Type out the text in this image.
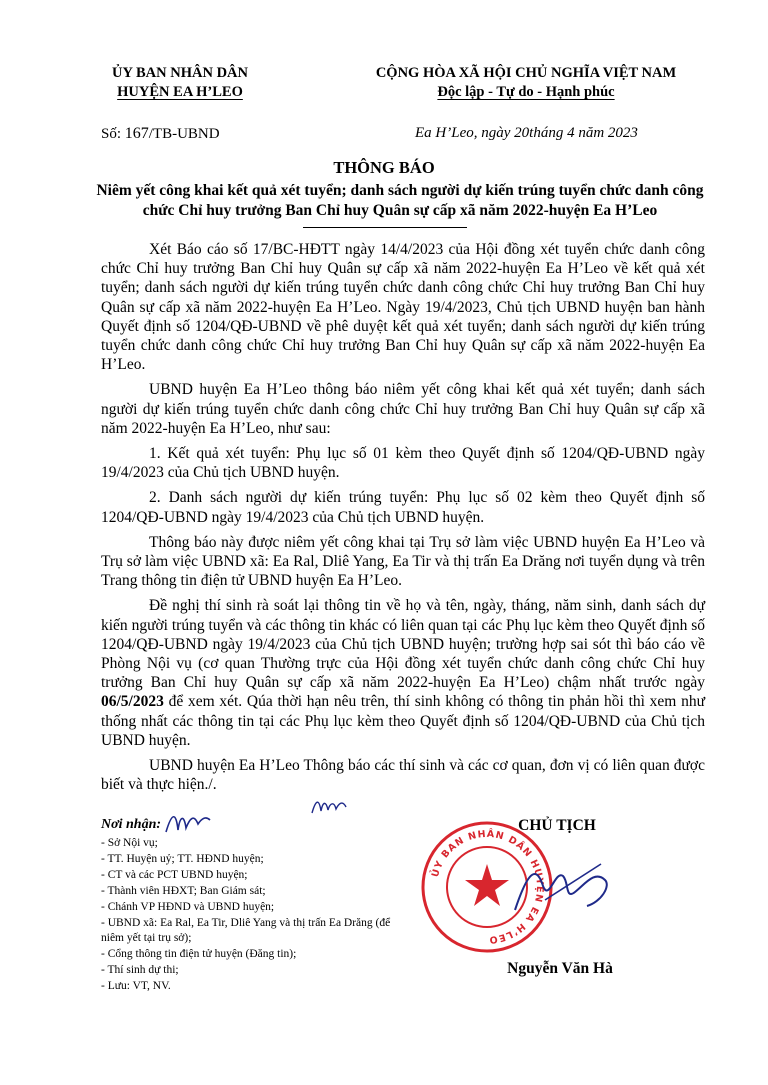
ỦY BAN NHÂN DÂN
HUYỆN EA H’LEO
CỘNG HÒA XÃ HỘI CHỦ NGHĨA VIỆT NAM
Độc lập - Tự do - Hạnh phúc
Số: 167/TB-UBND	Ea H’Leo, ngày 20tháng 4 năm 2023
THÔNG BÁO
Niêm yết công khai kết quả xét tuyển; danh sách người dự kiến trúng tuyển chức danh công chức Chỉ huy trưởng Ban Chỉ huy Quân sự cấp xã năm 2022-huyện Ea H’Leo

Xét Báo cáo số 17/BC-HĐTT ngày 14/4/2023 của Hội đồng xét tuyển chức danh công chức Chỉ huy trưởng Ban Chỉ huy Quân sự cấp xã năm 2022-huyện Ea H’Leo về kết quả xét tuyển; danh sách người dự kiến trúng tuyển chức danh công chức Chỉ huy trưởng Ban Chỉ huy Quân sự cấp xã năm 2022-huyện Ea H’Leo. Ngày 19/4/2023, Chủ tịch UBND huyện ban hành Quyết định số 1204/QĐ-UBND về phê duyệt kết quả xét tuyển; danh sách người dự kiến trúng tuyển chức danh công chức Chỉ huy trưởng Ban Chỉ huy Quân sự cấp xã năm 2022-huyện Ea H’Leo.

UBND huyện Ea H’Leo thông báo niêm yết công khai kết quả xét tuyển; danh sách người dự kiến trúng tuyển chức danh công chức Chỉ huy trưởng Ban Chỉ huy Quân sự cấp xã năm 2022-huyện Ea H’Leo, như sau:

1. Kết quả xét tuyển: Phụ lục số 01 kèm theo Quyết định số 1204/QĐ-UBND ngày 19/4/2023 của Chủ tịch UBND huyện.

2. Danh sách người dự kiến trúng tuyển: Phụ lục số 02 kèm theo Quyết định số 1204/QĐ-UBND ngày 19/4/2023 của Chủ tịch UBND huyện.

Thông báo này được niêm yết công khai tại Trụ sở làm việc UBND huyện Ea H’Leo và Trụ sở làm việc UBND xã: Ea Ral, Dliê Yang, Ea Tir và thị trấn Ea Drăng nơi tuyển dụng và trên Trang thông tin điện tử UBND huyện Ea H’Leo.

Đề nghị thí sinh rà soát lại thông tin về họ và tên, ngày, tháng, năm sinh, danh sách dự kiến người trúng tuyển và các thông tin khác có liên quan tại các Phụ lục kèm theo Quyết định số 1204/QĐ-UBND ngày 19/4/2023 của Chủ tịch UBND huyện; trường hợp sai sót thì báo cáo về Phòng Nội vụ (cơ quan Thường trực của Hội đồng xét tuyển chức danh công chức Chỉ huy trưởng Ban Chỉ huy Quân sự cấp xã năm 2022-huyện Ea H’Leo) chậm nhất trước ngày 06/5/2023 để xem xét. Qúa thời hạn nêu trên, thí sinh không có thông tin phản hồi thì xem như thống nhất các thông tin tại các Phụ lục kèm theo Quyết định số 1204/QĐ-UBND của Chủ tịch UBND huyện.

UBND huyện Ea H’Leo Thông báo các thí sinh và các cơ quan, đơn vị có liên quan được biết và thực hiện./.

Nơi nhận:
- Sở Nội vụ;
- TT. Huyện uỷ; TT. HĐND huyện;
- CT và các PCT UBND huyện;
- Thành viên HĐXT; Ban Giám sát;
- Chánh VP HĐND và UBND huyện;
- UBND xã: Ea Ral, Ea Tir, Dliê Yang và thị trấn Ea Drăng (để niêm yết tại trụ sở);
- Cổng thông tin điện tử huyện (Đăng tin);
- Thí sinh dự thi;
- Lưu: VT, NV.
CHỦ TỊCH
ỦY BAN NHÂN DÂN HUYỆN EA H’LEO
Nguyễn Văn Hà
